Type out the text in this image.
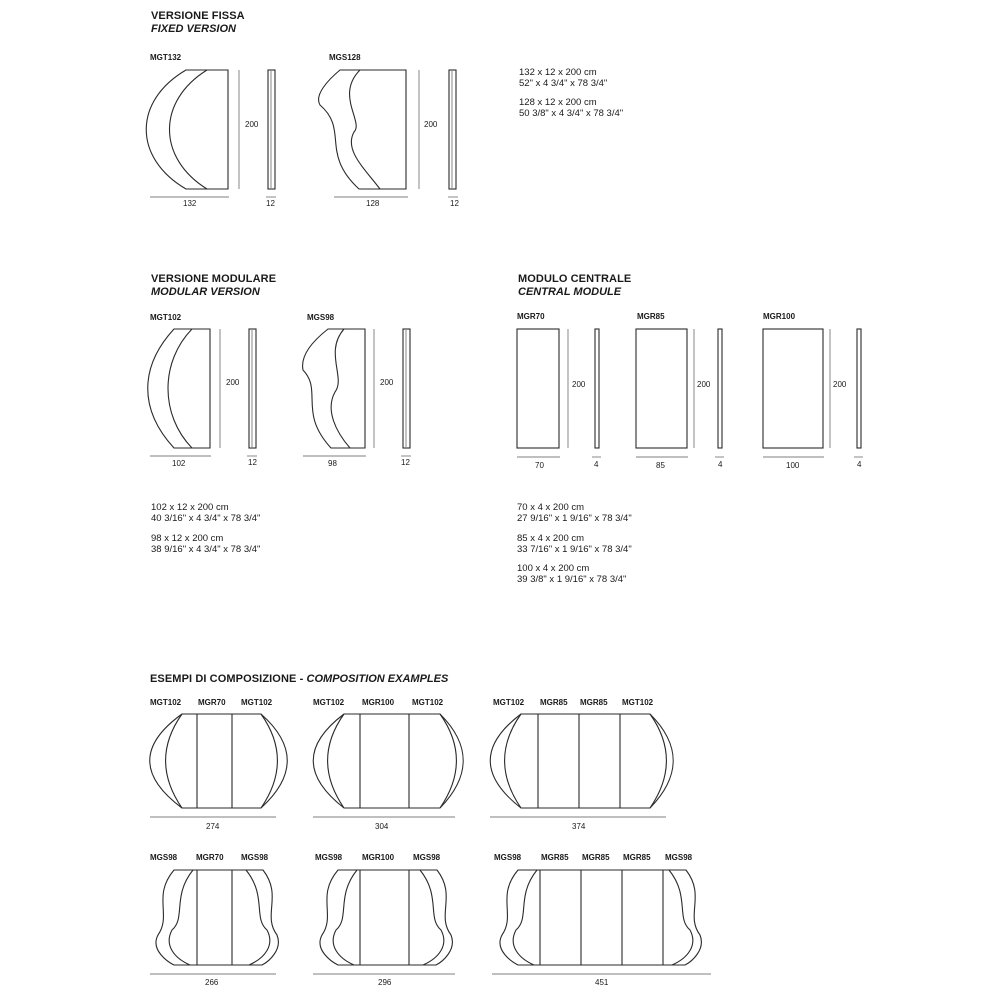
VERSIONE FISSA
FIXED VERSION
MGT132	MGS128
200	200
132	128
12	12
132 x 12 x 200 cm
52" x 4 3/4" x 78 3/4"
128 x 12 x 200 cm
50 3/8" x 4 3/4" x 78 3/4"
VERSIONE MODULARE
MODULAR VERSION
MGT102	MGS98
200	200
102	98
12	12
102 x 12 x 200 cm
40 3/16" x 4 3/4" x 78 3/4"
98 x 12 x 200 cm
38 9/16" x 4 3/4" x 78 3/4"
MODULO CENTRALE
CENTRAL MODULE
MGR70	MGR85	MGR100
200	200	200
70	85	100
4	4	4
70 x 4 x 200 cm
27 9/16" x 1 9/16" x 78 3/4"
85 x 4 x 200 cm
33 7/16" x 1 9/16" x 78 3/4"
100 x 4 x 200 cm
39 3/8" x 1 9/16" x 78 3/4"
ESEMPI DI COMPOSIZIONE - COMPOSITION EXAMPLES
MGT102 MGR70 MGT102	MGT102 MGR100 MGT102	MGT102 MGR85 MGR85 MGT102
274	304	374
MGS98 MGR70 MGS98	MGS98 MGR100 MGS98	MGS98 MGR85 MGR85 MGR85 MGS98
266	296	451
